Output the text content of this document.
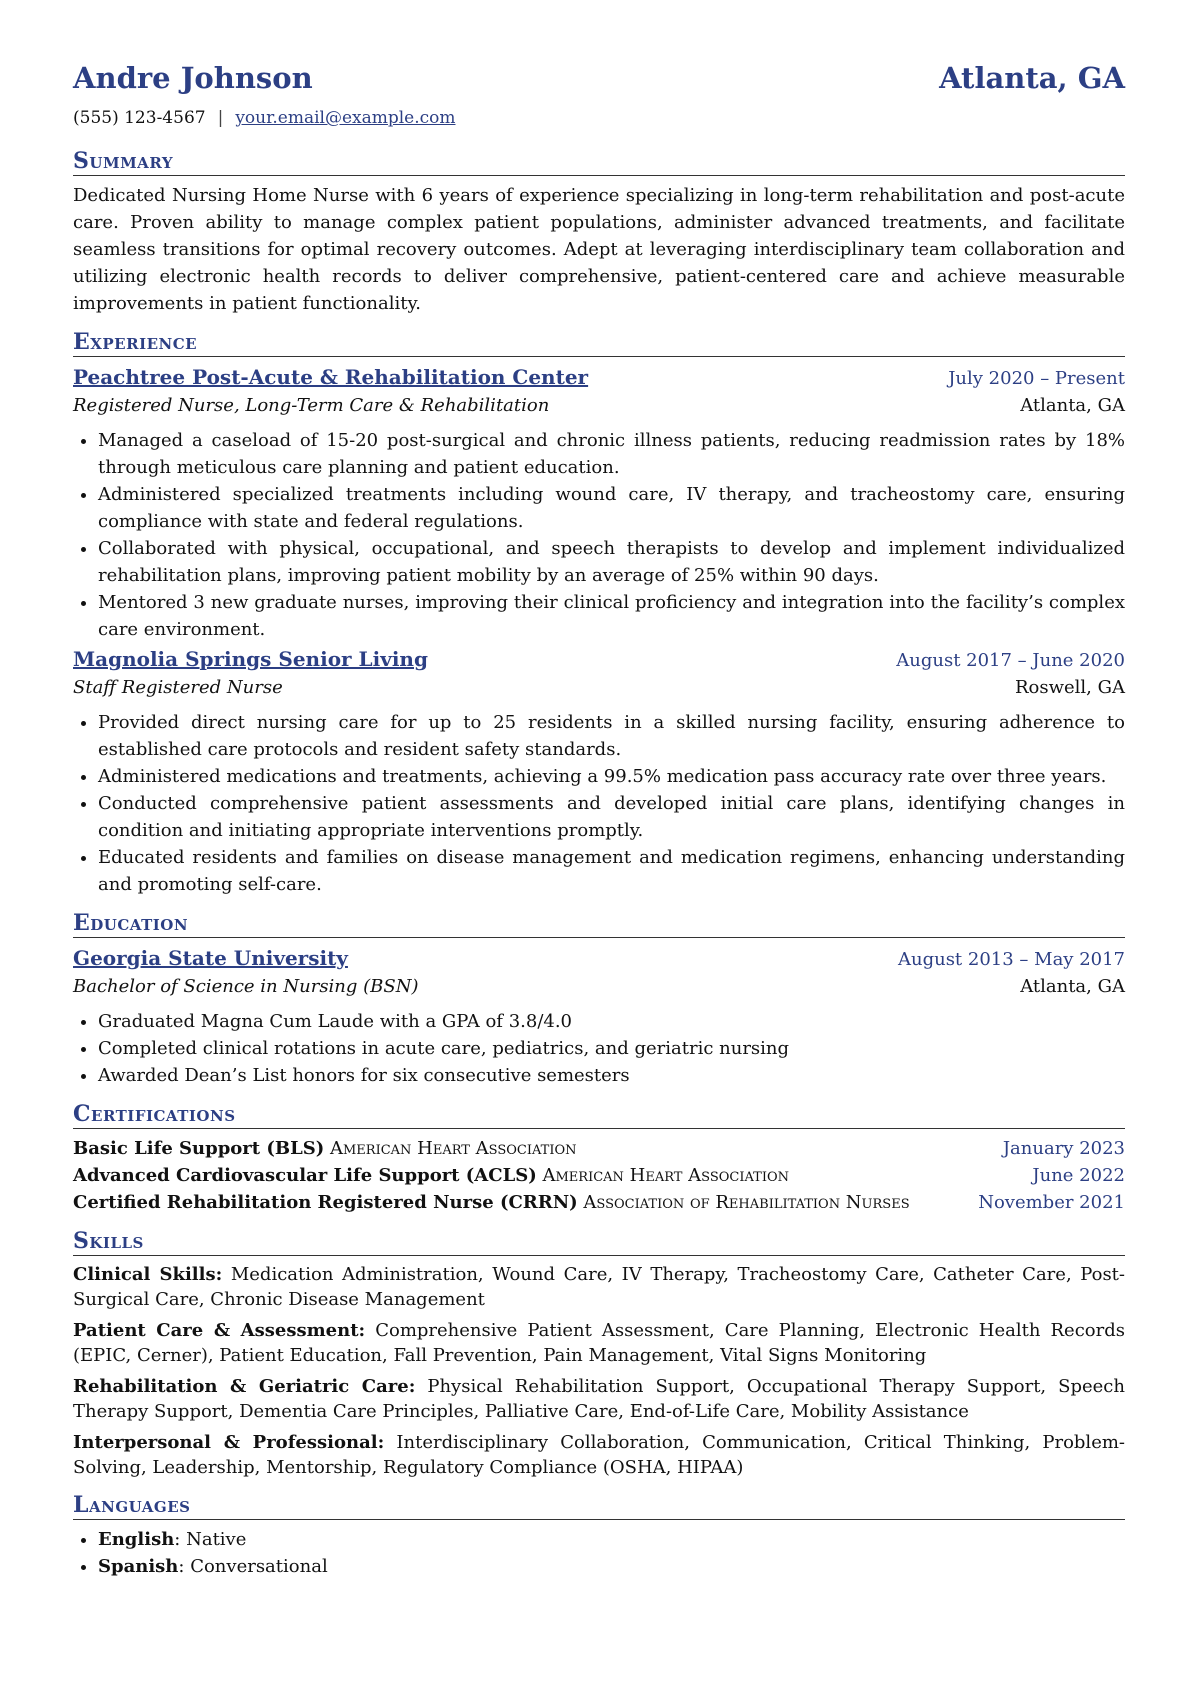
Andre Johnson	Atlanta, GA
(555) 123-4567 | your.email@example.com
Summary

Dedicated Nursing Home Nurse with 6 years of experience specializing in long-term rehabilitation and post-acute care. Proven ability to manage complex patient populations, administer advanced treatments, and facilitate seamless transitions for optimal recovery outcomes. Adept at leveraging interdisciplinary team collaboration and utilizing electronic health records to deliver comprehensive, patient-centered care and achieve measurable improvements in patient functionality.

Experience
Peachtree Post-Acute & Rehabilitation Center	July 2020 – Present
Registered Nurse, Long-Term Care & Rehabilitation	Atlanta, GA
• Managed a caseload of 15-20 post-surgical and chronic illness patients, reducing readmission rates by 18% through meticulous care planning and patient education.
• Administered specialized treatments including wound care, IV therapy, and tracheostomy care, ensuring compliance with state and federal regulations.
• Collaborated with physical, occupational, and speech therapists to develop and implement individualized rehabilitation plans, improving patient mobility by an average of 25% within 90 days.
• Mentored 3 new graduate nurses, improving their clinical proficiency and integration into the facility’s complex care environment.
Magnolia Springs Senior Living	August 2017 – June 2020
Staff Registered Nurse	Roswell, GA
• Provided direct nursing care for up to 25 residents in a skilled nursing facility, ensuring adherence to established care protocols and resident safety standards.
• Administered medications and treatments, achieving a 99.5% medication pass accuracy rate over three years.
• Conducted comprehensive patient assessments and developed initial care plans, identifying changes in condition and initiating appropriate interventions promptly.
• Educated residents and families on disease management and medication regimens, enhancing understanding and promoting self-care.
Education
Georgia State University	August 2013 – May 2017
Bachelor of Science in Nursing (BSN)	Atlanta, GA
• Graduated Magna Cum Laude with a GPA of 3.8/4.0
• Completed clinical rotations in acute care, pediatrics, and geriatric nursing
• Awarded Dean’s List honors for six consecutive semesters
Certifications
Basic Life Support (BLS) American Heart Association	January 2023
Advanced Cardiovascular Life Support (ACLS) American Heart Association	June 2022
Certified Rehabilitation Registered Nurse (CRRN) Association of Rehabilitation Nurses	November 2021
Skills
Clinical Skills: Medication Administration, Wound Care, IV Therapy, Tracheostomy Care, Catheter Care, Post-Surgical Care, Chronic Disease Management
Patient Care & Assessment: Comprehensive Patient Assessment, Care Planning, Electronic Health Records (EPIC, Cerner), Patient Education, Fall Prevention, Pain Management, Vital Signs Monitoring
Rehabilitation & Geriatric Care: Physical Rehabilitation Support, Occupational Therapy Support, Speech Therapy Support, Dementia Care Principles, Palliative Care, End-of-Life Care, Mobility Assistance
Interpersonal & Professional: Interdisciplinary Collaboration, Communication, Critical Thinking, Problem-Solving, Leadership, Mentorship, Regulatory Compliance (OSHA, HIPAA)
Languages
• English: Native
• Spanish: Conversational
